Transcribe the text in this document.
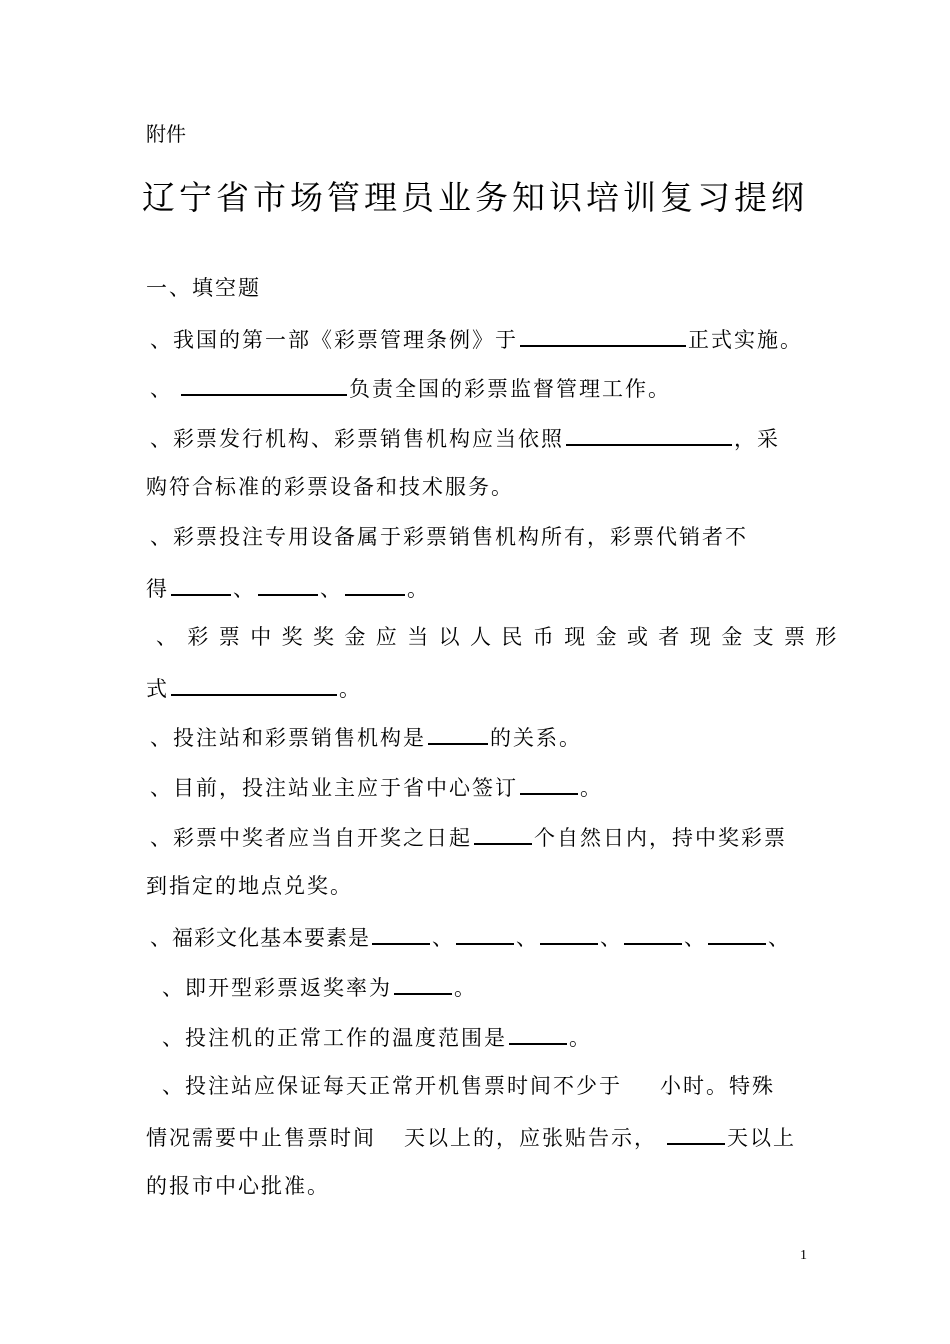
附件
辽宁省市场管理员业务知识培训复习提纲
一、填空题
、我国的第一部《彩票管理条例》于	正式实施。
、	负责全国的彩票监督管理工作。
、彩票发行机构、彩票销售机构应当依照	，采
购符合标准的彩票设备和技术服务。
、彩票投注专用设备属于彩票销售机构所有，彩票代销者不
得	、	、	。
、彩票中奖奖金应当以人民币现金或者现金支票形
式	。
、投注站和彩票销售机构是	的关系。
、目前，投注站业主应于省中心签订	。
、彩票中奖者应当自开奖之日起	个自然日内，持中奖彩票
到指定的地点兑奖。
、福彩文化基本要素是	、	、	、	、	、
、即开型彩票返奖率为	。
、投注机的正常工作的温度范围是	。
、投注站应保证每天正常开机售票时间不少于 小时。特殊
情况需要中止售票时间 天以上的，应张贴告示，	天以上
的报市中心批准。
1
